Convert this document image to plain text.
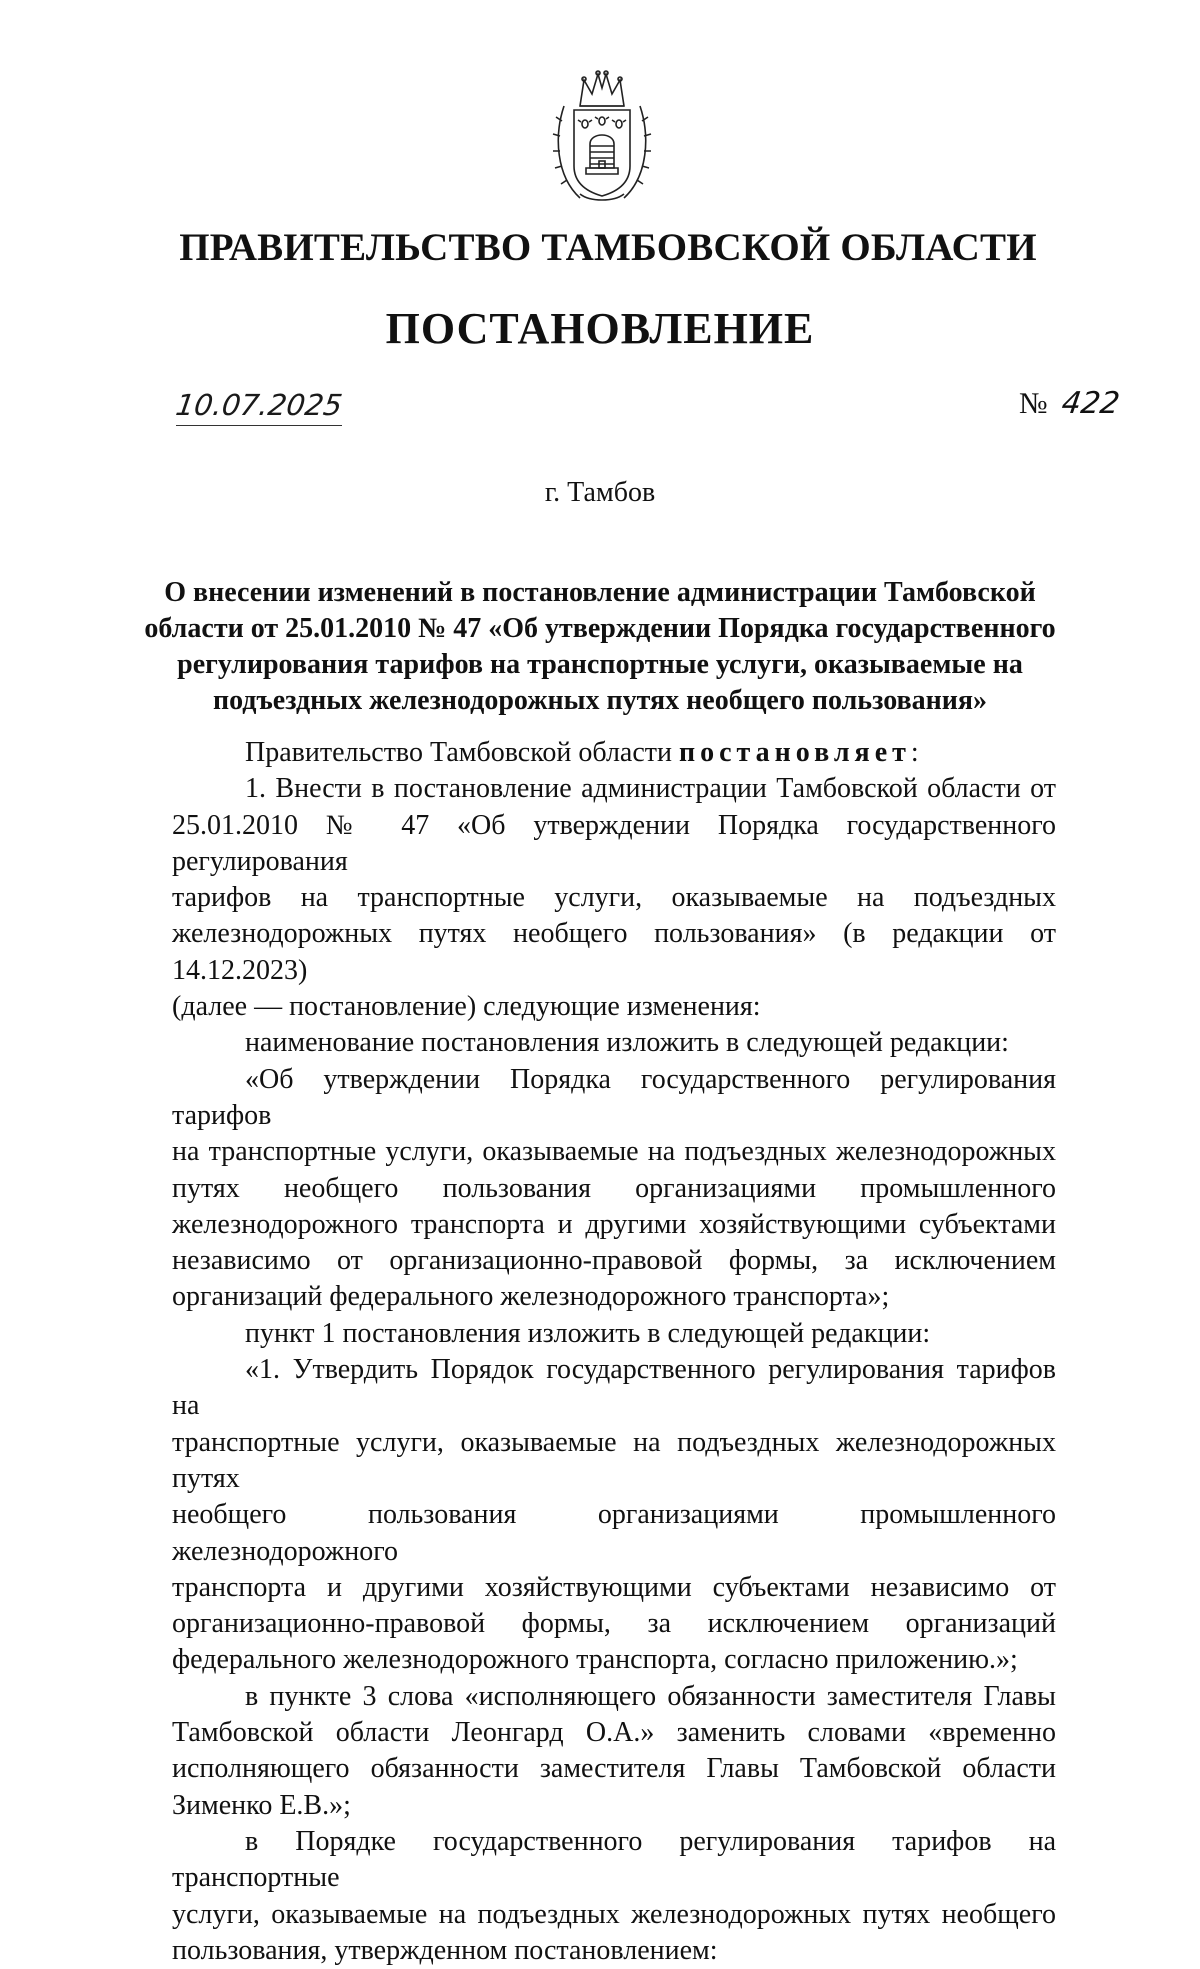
ПРАВИТЕЛЬСТВО ТАМБОВСКОЙ ОБЛАСТИ
ПОСТАНОВЛЕНИЕ
10.07.2025	№ 422
г. Тамбов
О внесении изменений в постановление администрации Тамбовской
области от 25.01.2010 № 47 «Об утверждении Порядка государственного
регулирования тарифов на транспортные услуги, оказываемые на
подъездных железнодорожных путях необщего пользования»

Правительство Тамбовской области постановляет:

1. Внести в постановление администрации Тамбовской области от
25.01.2010 № 47 «Об утверждении Порядка государственного регулирования
тарифов на транспортные услуги, оказываемые на подъездных
железнодорожных путях необщего пользования» (в редакции от 14.12.2023)
(далее — постановление) следующие изменения:

наименование постановления изложить в следующей редакции:

«Об утверждении Порядка государственного регулирования тарифов
на транспортные услуги, оказываемые на подъездных железнодорожных
путях необщего пользования организациями промышленного
железнодорожного транспорта и другими хозяйствующими субъектами
независимо от организационно-правовой формы, за исключением
организаций федерального железнодорожного транспорта»;

пункт 1 постановления изложить в следующей редакции:

«1. Утвердить Порядок государственного регулирования тарифов на
транспортные услуги, оказываемые на подъездных железнодорожных путях
необщего пользования организациями промышленного железнодорожного
транспорта и другими хозяйствующими субъектами независимо от
организационно-правовой формы, за исключением организаций
федерального железнодорожного транспорта, согласно приложению.»;
в пункте 3 слова «исполняющего обязанности заместителя Главы
Тамбовской области Леонгард О.А.» заменить словами «временно
исполняющего обязанности заместителя Главы Тамбовской области
Зименко Е.В.»;
в Порядке государственного регулирования тарифов на транспортные
услуги, оказываемые на подъездных железнодорожных путях необщего
пользования, утвержденном постановлением:
